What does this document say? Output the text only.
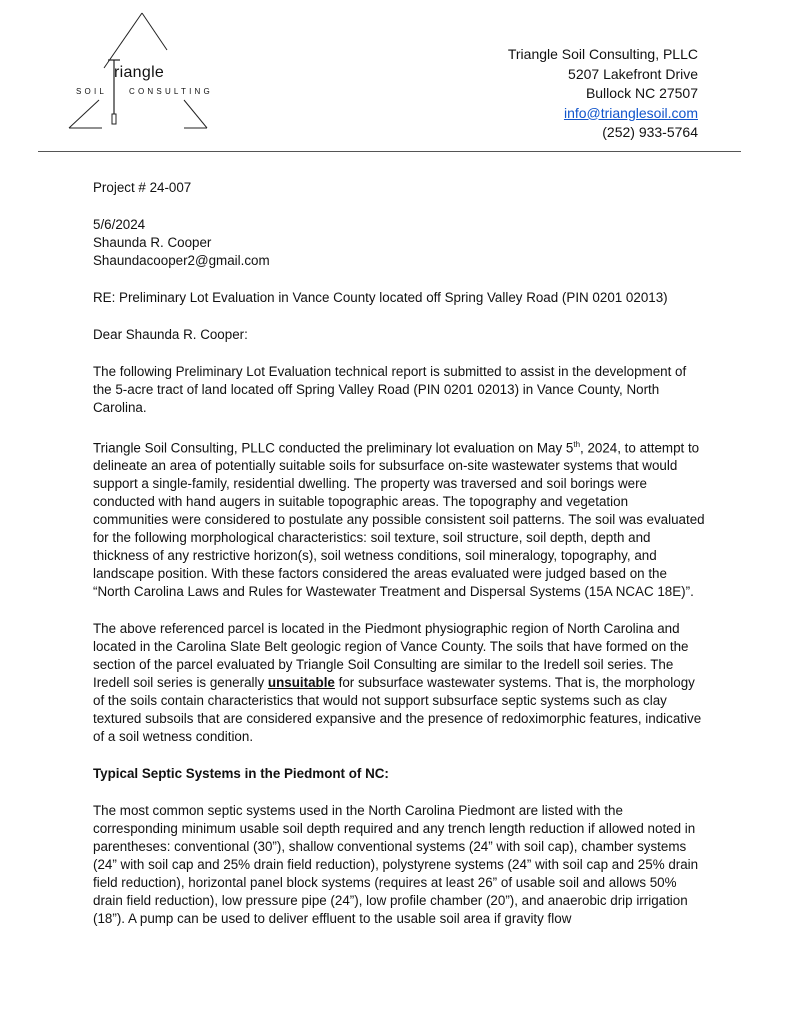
riangle
SOIL	CONSULTING
Triangle Soil Consulting, PLLC
5207 Lakefront Drive
Bullock NC 27507
info@trianglesoil.com
(252) 933-5764

Project # 24-007

5/6/2024
Shaunda R. Cooper
Shaundacooper2@gmail.com

RE: Preliminary Lot Evaluation in Vance County located off Spring Valley Road (PIN 0201 02013)

Dear Shaunda R. Cooper:

The following Preliminary Lot Evaluation technical report is submitted to assist in the development of the 5-acre tract of land located off Spring Valley Road (PIN 0201 02013) in Vance County, North Carolina.

Triangle Soil Consulting, PLLC conducted the preliminary lot evaluation on May 5th, 2024, to attempt to delineate an area of potentially suitable soils for subsurface on-site wastewater systems that would support a single-family, residential dwelling. The property was traversed and soil borings were conducted with hand augers in suitable topographic areas. The topography and vegetation communities were considered to postulate any possible consistent soil patterns. The soil was evaluated for the following morphological characteristics: soil texture, soil structure, soil depth, depth and thickness of any restrictive horizon(s), soil wetness conditions, soil mineralogy, topography, and landscape position. With these factors considered the areas evaluated were judged based on the “North Carolina Laws and Rules for Wastewater Treatment and Dispersal Systems (15A NCAC 18E)”.

The above referenced parcel is located in the Piedmont physiographic region of North Carolina and located in the Carolina Slate Belt geologic region of Vance County. The soils that have formed on the section of the parcel evaluated by Triangle Soil Consulting are similar to the Iredell soil series. The Iredell soil series is generally unsuitable for subsurface wastewater systems. That is, the morphology of the soils contain characteristics that would not support subsurface septic systems such as clay textured subsoils that are considered expansive and the presence of redoximorphic features, indicative of a soil wetness condition.

Typical Septic Systems in the Piedmont of NC:

The most common septic systems used in the North Carolina Piedmont are listed with the corresponding minimum usable soil depth required and any trench length reduction if allowed noted in parentheses: conventional (30”), shallow conventional systems (24” with soil cap), chamber systems (24” with soil cap and 25% drain field reduction), polystyrene systems (24” with soil cap and 25% drain field reduction), horizontal panel block systems (requires at least 26” of usable soil and allows 50% drain field reduction), low pressure pipe (24”), low profile chamber (20”), and anaerobic drip irrigation (18”). A pump can be used to deliver effluent to the usable soil area if gravity flow
